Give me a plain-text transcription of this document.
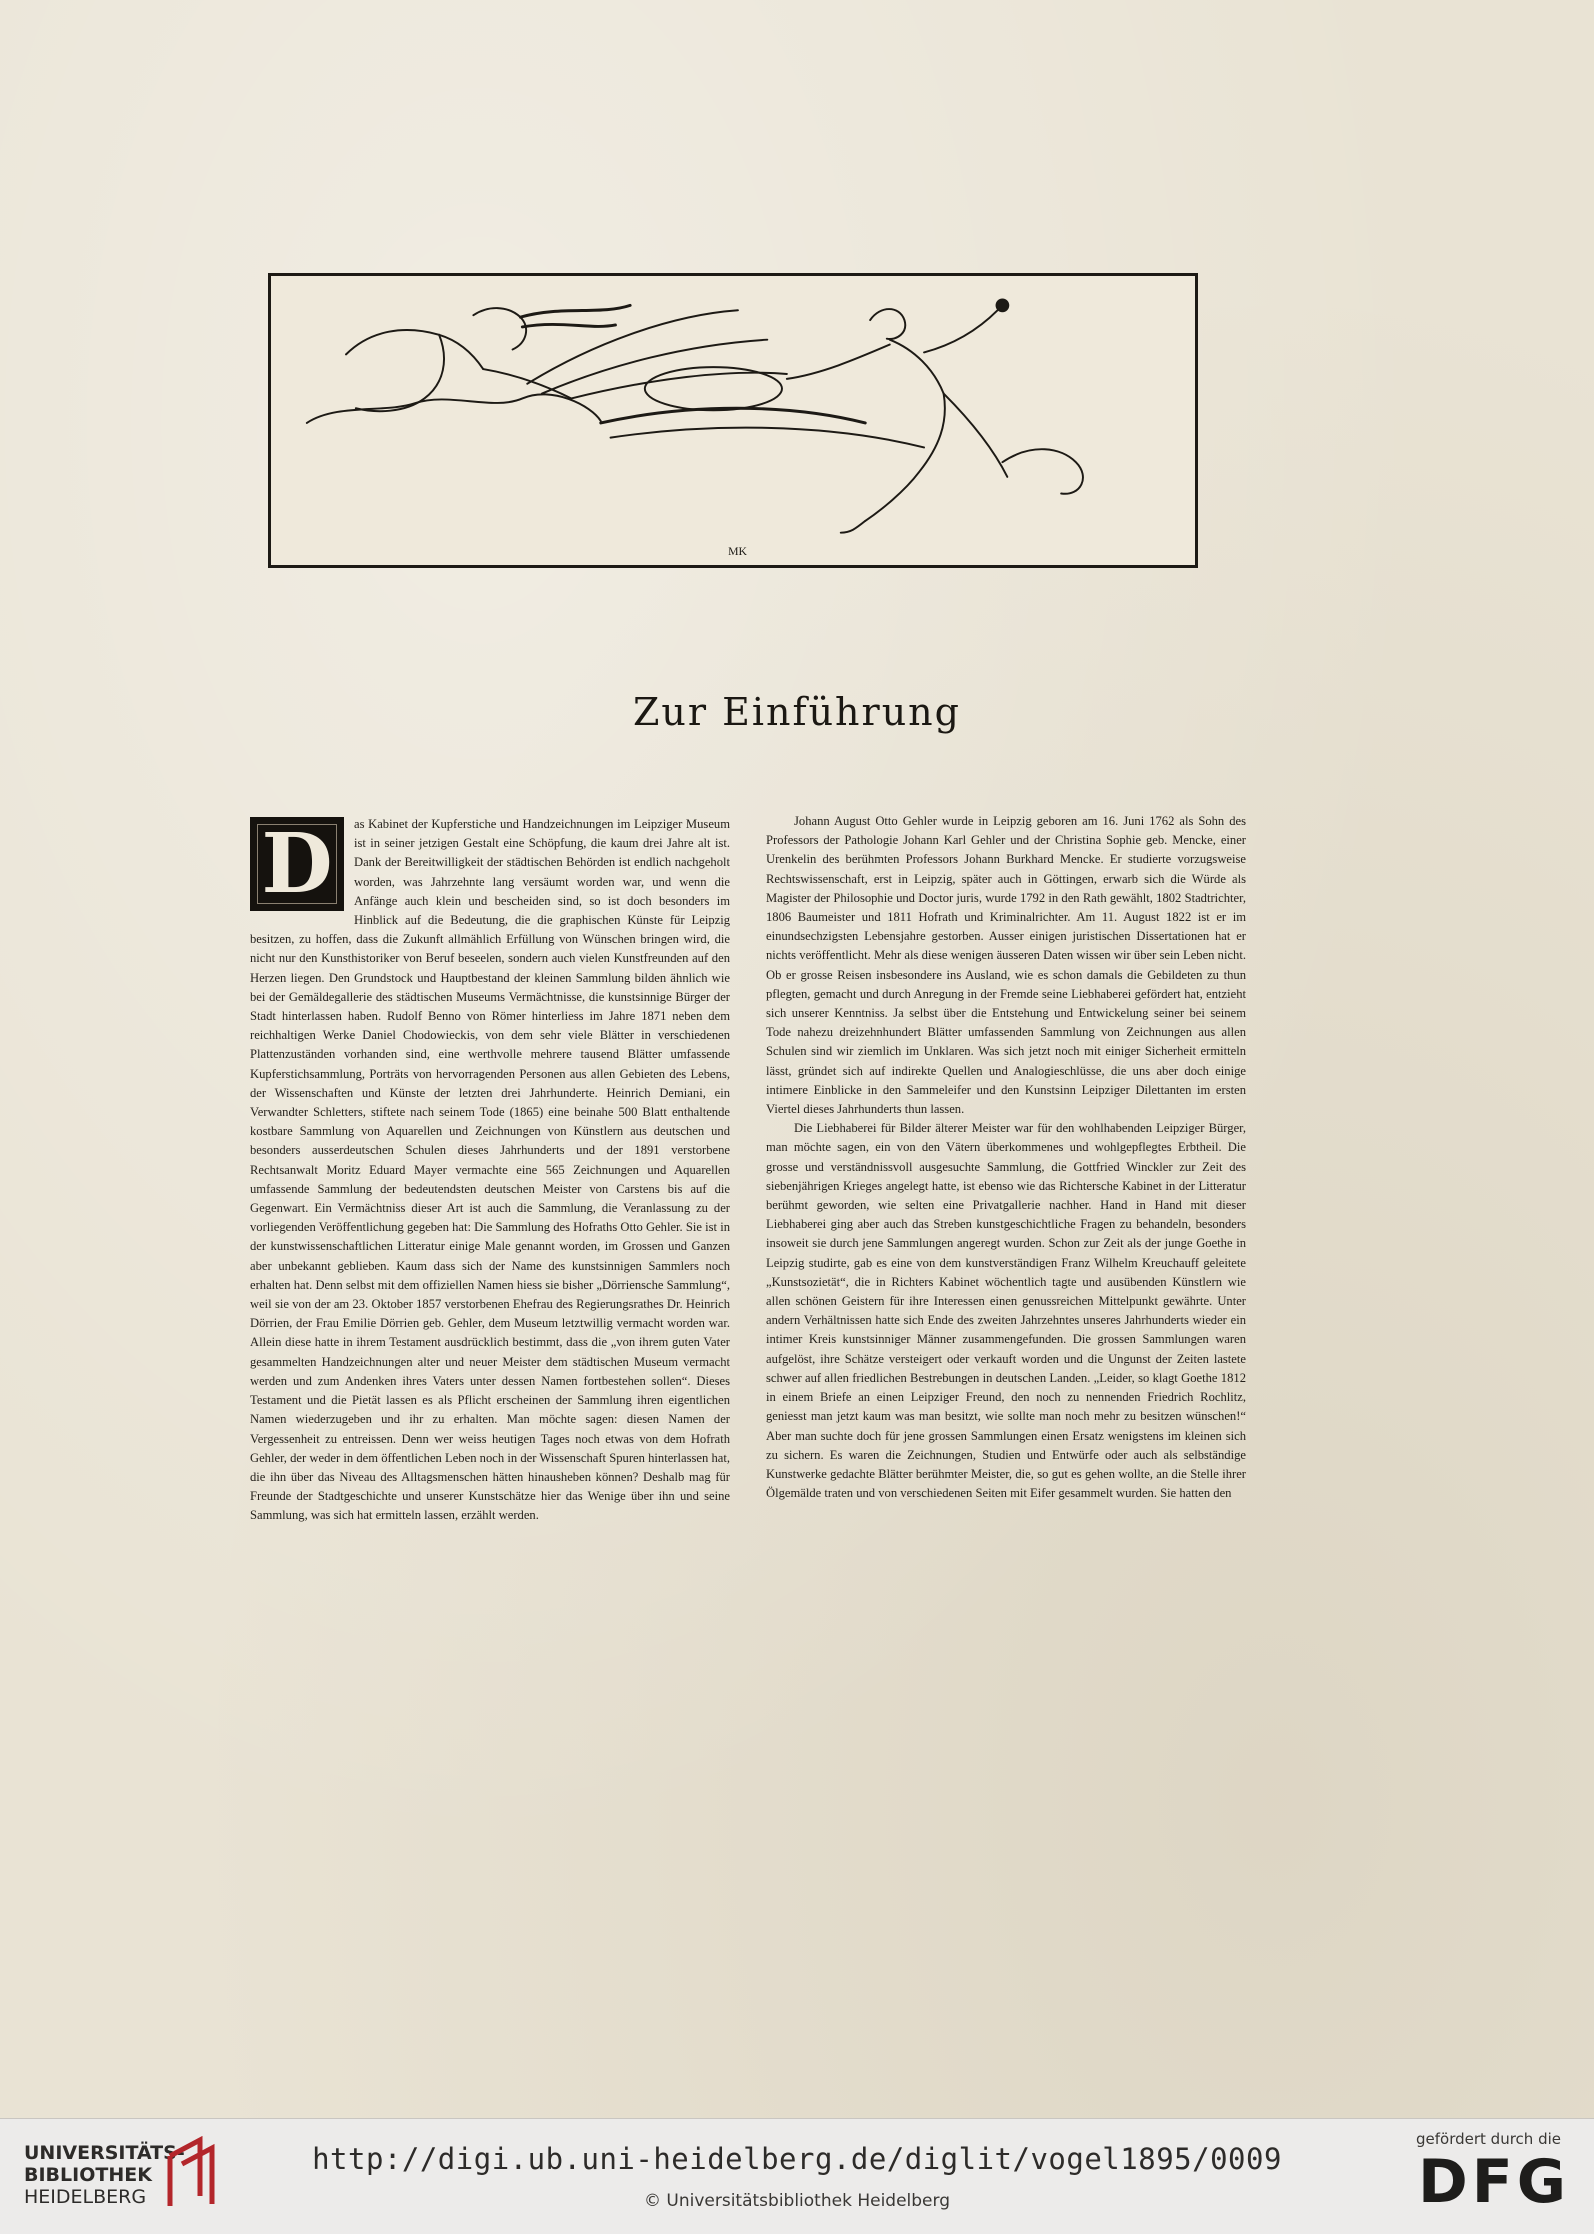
MK
Zur Einführung
D	as Kabinet der Kupferstiche und Handzeichnungen im Leipziger Museum ist in seiner jetzigen Gestalt eine Schöpfung, die kaum drei Jahre alt ist. Dank der Bereitwilligkeit der städtischen Behörden ist endlich nachgeholt worden, was Jahrzehnte lang versäumt worden war, und wenn die Anfänge auch klein und bescheiden sind, so ist doch besonders im Hinblick auf die Bedeutung, die die graphischen Künste für Leipzig besitzen, zu hoffen, dass die Zukunft allmählich Erfüllung von Wünschen bringen wird, die nicht nur den Kunsthistoriker von Beruf beseelen, sondern auch vielen Kunstfreunden auf den Herzen liegen. Den Grundstock und Hauptbestand der kleinen Sammlung bilden ähnlich wie bei der Gemäldegallerie des städtischen Museums Vermächtnisse, die kunstsinnige Bürger der Stadt hinterlassen haben. Rudolf Benno von Römer hinterliess im Jahre 1871 neben dem reichhaltigen Werke Daniel Chodowieckis, von dem sehr viele Blätter in verschiedenen Plattenzuständen vorhanden sind, eine werthvolle mehrere tausend Blätter umfassende Kupferstichsammlung, Porträts von hervorragenden Personen aus allen Gebieten des Lebens, der Wissenschaften und Künste der letzten drei Jahrhunderte. Heinrich Demiani, ein Verwandter Schletters, stiftete nach seinem Tode (1865) eine beinahe 500 Blatt enthaltende kostbare Sammlung von Aquarellen und Zeichnungen von Künstlern aus deutschen und besonders ausserdeutschen Schulen dieses Jahrhunderts und der 1891 verstorbene Rechtsanwalt Moritz Eduard Mayer vermachte eine 565 Zeichnungen und Aquarellen umfassende Sammlung der bedeutendsten deutschen Meister von Carstens bis auf die Gegenwart. Ein Vermächtniss dieser Art ist auch die Sammlung, die Veranlassung zu der vorliegenden Veröffentlichung gegeben hat: Die Sammlung des Hofraths Otto Gehler. Sie ist in der kunstwissenschaftlichen Litteratur einige Male genannt worden, im Grossen und Ganzen aber unbekannt geblieben. Kaum dass sich der Name des kunstsinnigen Sammlers noch erhalten hat. Denn selbst mit dem offiziellen Namen hiess sie bisher „Dörriensche Sammlung“, weil sie von der am 23. Oktober 1857 verstorbenen Ehefrau des Regierungsrathes Dr. Heinrich Dörrien, der Frau Emilie Dörrien geb. Gehler, dem Museum letztwillig vermacht worden war. Allein diese hatte in ihrem Testament ausdrücklich bestimmt, dass die „von ihrem guten Vater gesammelten Handzeichnungen alter und neuer Meister dem städtischen Museum vermacht werden und zum Andenken ihres Vaters unter dessen Namen fortbestehen sollen“. Dieses Testament und die Pietät lassen es als Pflicht erscheinen der Sammlung ihren eigentlichen Namen wiederzugeben und ihr zu erhalten. Man möchte sagen: diesen Namen der Vergessenheit zu entreissen. Denn wer weiss heutigen Tages noch etwas von dem Hofrath Gehler, der weder in dem öffentlichen Leben noch in der Wissenschaft Spuren hinterlassen hat, die ihn über das Niveau des Alltagsmenschen hätten hinausheben können? Deshalb mag für Freunde der Stadtgeschichte und unserer Kunstschätze hier das Wenige über ihn und seine Sammlung, was sich hat ermitteln lassen, erzählt werden.

Johann August Otto Gehler wurde in Leipzig geboren am 16. Juni 1762 als Sohn des Professors der Pathologie Johann Karl Gehler und der Christina Sophie geb. Mencke, einer Urenkelin des berühmten Professors Johann Burkhard Mencke. Er studierte vorzugsweise Rechtswissenschaft, erst in Leipzig, später auch in Göttingen, erwarb sich die Würde als Magister der Philosophie und Doctor juris, wurde 1792 in den Rath gewählt, 1802 Stadtrichter, 1806 Baumeister und 1811 Hofrath und Kriminalrichter. Am 11. August 1822 ist er im einundsechzigsten Lebensjahre gestorben. Ausser einigen juristischen Dissertationen hat er nichts veröffentlicht. Mehr als diese wenigen äusseren Daten wissen wir über sein Leben nicht. Ob er grosse Reisen insbesondere ins Ausland, wie es schon damals die Gebildeten zu thun pflegten, gemacht und durch Anregung in der Fremde seine Liebhaberei gefördert hat, entzieht sich unserer Kenntniss. Ja selbst über die Entstehung und Entwickelung seiner bei seinem Tode nahezu dreizehnhundert Blätter umfassenden Sammlung von Zeichnungen aus allen Schulen sind wir ziemlich im Unklaren. Was sich jetzt noch mit einiger Sicherheit ermitteln lässt, gründet sich auf indirekte Quellen und Analogieschlüsse, die uns aber doch einige intimere Einblicke in den Sammeleifer und den Kunstsinn Leipziger Dilettanten im ersten Viertel dieses Jahrhunderts thun lassen.

Die Liebhaberei für Bilder älterer Meister war für den wohlhabenden Leipziger Bürger, man möchte sagen, ein von den Vätern überkommenes und wohlgepflegtes Erbtheil. Die grosse und verständnissvoll ausgesuchte Sammlung, die Gottfried Winckler zur Zeit des siebenjährigen Krieges angelegt hatte, ist ebenso wie das Richtersche Kabinet in der Litteratur berühmt geworden, wie selten eine Privatgallerie nachher. Hand in Hand mit dieser Liebhaberei ging aber auch das Streben kunstgeschichtliche Fragen zu behandeln, besonders insoweit sie durch jene Sammlungen angeregt wurden. Schon zur Zeit als der junge Goethe in Leipzig studirte, gab es eine von dem kunstverständigen Franz Wilhelm Kreuchauff geleitete „Kunstsozietät“, die in Richters Kabinet wöchentlich tagte und ausübenden Künstlern wie allen schönen Geistern für ihre Interessen einen genussreichen Mittelpunkt gewährte. Unter andern Verhältnissen hatte sich Ende des zweiten Jahrzehntes unseres Jahrhunderts wieder ein intimer Kreis kunstsinniger Männer zusammengefunden. Die grossen Sammlungen waren aufgelöst, ihre Schätze versteigert oder verkauft worden und die Ungunst der Zeiten lastete schwer auf allen friedlichen Bestrebungen in deutschen Landen. „Leider, so klagt Goethe 1812 in einem Briefe an einen Leipziger Freund, den noch zu nennenden Friedrich Rochlitz, geniesst man jetzt kaum was man besitzt, wie sollte man noch mehr zu besitzen wünschen!“ Aber man suchte doch für jene grossen Sammlungen einen Ersatz wenigstens im kleinen sich zu sichern. Es waren die Zeichnungen, Studien und Entwürfe oder auch als selbständige Kunstwerke gedachte Blätter berühmter Meister, die, so gut es gehen wollte, an die Stelle ihrer Ölgemälde traten und von verschiedenen Seiten mit Eifer gesammelt wurden. Sie hatten den

UNIVERSITÄTS-
BIBLIOTHEK
HEIDELBERG
http://digi.ub.uni-heidelberg.de/diglit/vogel1895/0009
© Universitätsbibliothek Heidelberg
gefördert durch die
DFG
